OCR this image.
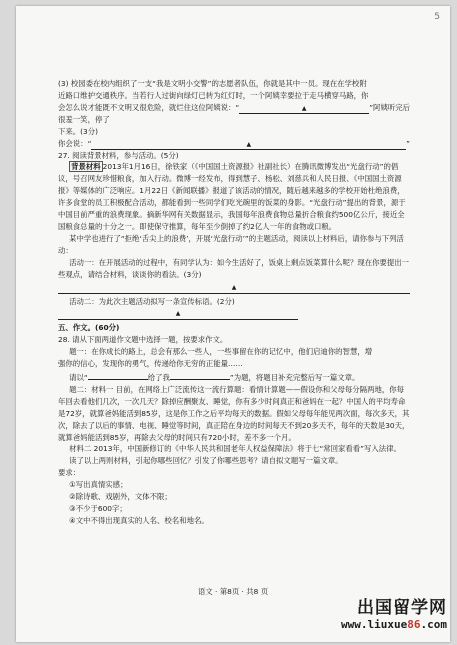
5

(3) 校园委在校内组织了一支“我是文明小交警”的志愿者队伍，你就是其中一员。现在在学校附

近路口维护交通秩序。当若行人过街向绿灯已转为红灯时，一个阿姨幸要拉于走马横穿马路，你

会怎么说才能既不文明又很危险，就烂住这位阿姨说：“	▲	”阿姨听完后很羞一笑，停了

下来。(3分)

你会说：“	▲	”

27. 阅读背景材料，参与活动。(5分)

背景材料 2013年1月16日，徐铁家（《中国国土资源报》社副社长）在腾讯微博发出“光盘行动”的倡议，号召网友珍惜粮食，加入行动。微博一经发布，得到慧子、杨松、刘慈兵和人民日报、《中国国土资源报》等媒体的广泛响应。1月22日《新闻联播》报道了该活动的情况，随后越来越多的学校开始杜绝浪费，许多食堂的员工积极配合活动，都能看到一些同学们吃光碗里的饭菜的身影。“光盘行动”提出的背景，源于中国目前严重的浪费现象。摘新华网有关数据显示，我国每年浪费食物总量折合粮食约500亿公斤，接近全国粮食总量的十分之一。即使保守推算，每年至少倒掉了约2亿人一年的食物或口粮。

某中学也进行了“拒绝‘舌尖上的浪费’，开展‘光盘行动’”的主题活动，阅读以上材料后，请你参与下列活动：

活动一：在开展活动的过程中，有同学认为：如今生活好了，饭桌上剩点饭菜算什么呢？现在你要提出一些观点，请结合材料，谈谈你的看法。(3分)

▲

活动二：为此次主题活动拟写一条宣传标语。(2分)

▲

五、作文。(60分)

28. 请从下面两道作文题中选择一题，按要求作文。

题一：在你成长的路上，总会有那么一些人，一些事留在你的记忆中，他们启迪你的智慧，增

强你的信心，发现你的勇气，传递给你无穷的正能量……

请以“	给了我	”为题，将题目补充完整后写一篇文章。

题二：材料一 目前，在网络上广泛流传这一流行算题：看情计算题——假设你和父母每分隔两地，你每年回去看他们几次，一次几天？除掉应酬聚友、睡觉，你有多少时间真正和爸妈在一起？中国人的平均寿命是72岁，就算爸妈能活到85岁，这是你工作之后平均每天的数据。假如父母每年能见两次面，每次多天，其次，除去了以后的事情、电视、睡觉等时间，真正陪在身边的时间每天不到20多天不，每年的天数是30天，就算爸妈能活到85岁，再除去父母的时间只有720小时，差不多一个月。

材料二 2013年，中国新修订的《中华人民共和国老年人权益保障法》将于七“常回家看看”写入法律。

读了以上两则材料，引起你哪些回忆？引发了你哪些思考？请自拟文题写一篇文章。

要求：

①写出真情实感；

②除诗歌、戏剧外，文体不限；

③不少于600字；

④文中不得出现真实的人名、校名和地名。

语文 · 第8页 · 共8 页
出国留学网
www.liuxue86.com
